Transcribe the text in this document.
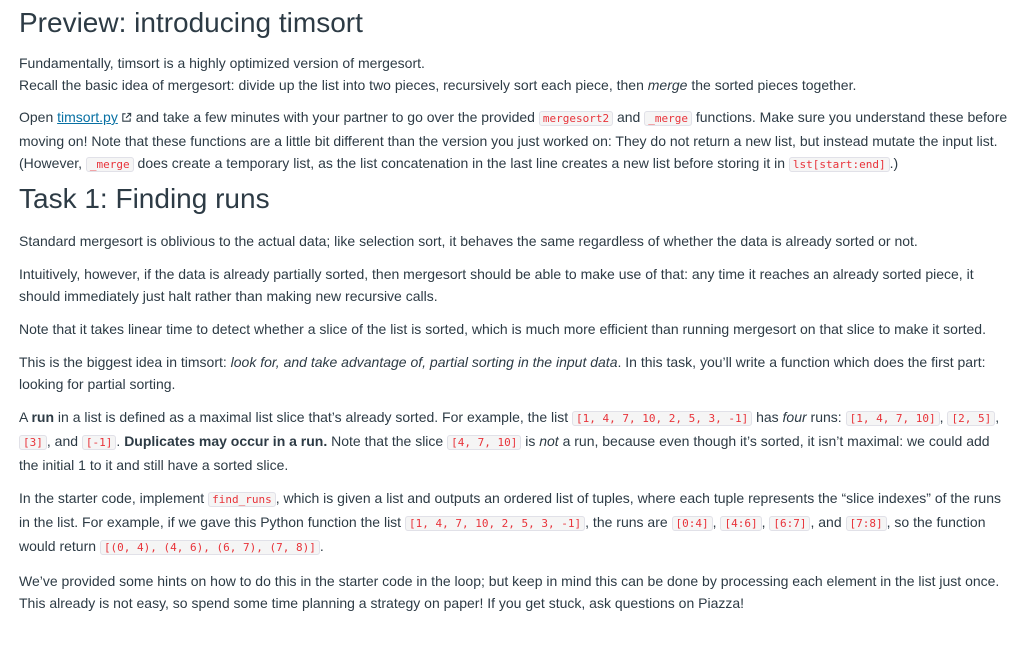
Preview: introducing timsort

Fundamentally, timsort is a highly optimized version of mergesort.

Recall the basic idea of mergesort: divide up the list into two pieces, recursively sort each piece, then merge the sorted pieces together.

Open timsort.py and take a few minutes with your partner to go over the provided mergesort2 and _merge functions. Make sure you understand these before moving on! Note that these functions are a little bit different than the version you just worked on: They do not return a new list, but instead mutate the input list.

(However, _merge does create a temporary list, as the list concatenation in the last line creates a new list before storing it in lst[start:end] .)

Task 1: Finding runs

Standard mergesort is oblivious to the actual data; like selection sort, it behaves the same regardless of whether the data is already sorted or not.

Intuitively, however, if the data is already partially sorted, then mergesort should be able to make use of that: any time it reaches an already sorted piece, it should immediately just halt rather than making new recursive calls.

Note that it takes linear time to detect whether a slice of the list is sorted, which is much more efficient than running mergesort on that slice to make it sorted.

This is the biggest idea in timsort: look for, and take advantage of, partial sorting in the input data. In this task, you’ll write a function which does the first part: looking for partial sorting.

A run in a list is defined as a maximal list slice that’s already sorted. For example, the list [1, 4, 7, 10, 2, 5, 3, -1] has four runs: [1, 4, 7, 10] , [2, 5] , [3] , and [-1] . Duplicates may occur in a run. Note that the slice [4, 7, 10] is not a run, because even though it’s sorted, it isn’t maximal: we could add the initial 1 to it and still have a sorted slice.

In the starter code, implement find_runs , which is given a list and outputs an ordered list of tuples, where each tuple represents the “slice indexes” of the runs in the list. For example, if we gave this Python function the list [1, 4, 7, 10, 2, 5, 3, -1] , the runs are [0:4] , [4:6] , [6:7] , and [7:8] , so the function would return [(0, 4), (4, 6), (6, 7), (7, 8)] .

We’ve provided some hints on how to do this in the starter code in the loop; but keep in mind this can be done by processing each element in the list just once. This already is not easy, so spend some time planning a strategy on paper! If you get stuck, ask questions on Piazza!
